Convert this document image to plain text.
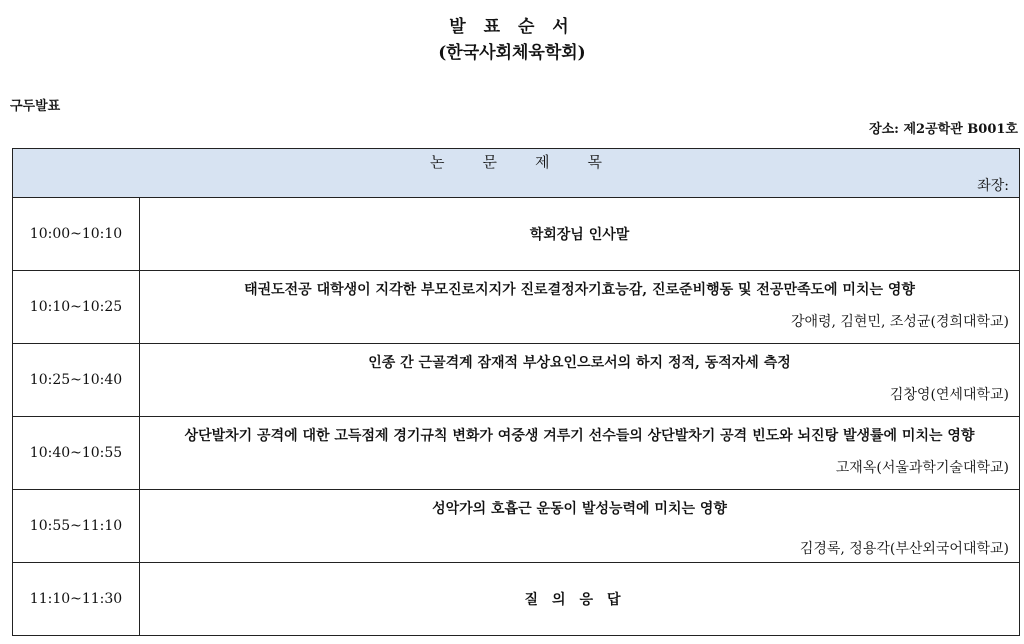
발 표 순 서
(한국사회체육학회)
구두발표
장소: 제2공학관 B001호
논문제목
좌장:	

10:00~10:10	학회장님 인사말
10:10~10:25	태권도전공 대학생이 지각한 부모진로지지가 진로결정자기효능감, 진로준비행동 및 전공만족도에 미치는 영향
강애령, 김현민, 조성균(경희대학교)

10:25~10:40	인종 간 근골격계 잠재적 부상요인으로서의 하지 정적, 동적자세 측정
김창영(연세대학교)

10:40~10:55	상단발차기 공격에 대한 고득점제 경기규칙 변화가 여중생 겨루기 선수들의 상단발차기 공격 빈도와 뇌진탕 발생률에 미치는 영향
고재옥(서울과학기술대학교)

10:55~11:10	성악가의 호흡근 운동이 발성능력에 미치는 영향
김경록, 정용각(부산외국어대학교)

11:10~11:30	질의응답
